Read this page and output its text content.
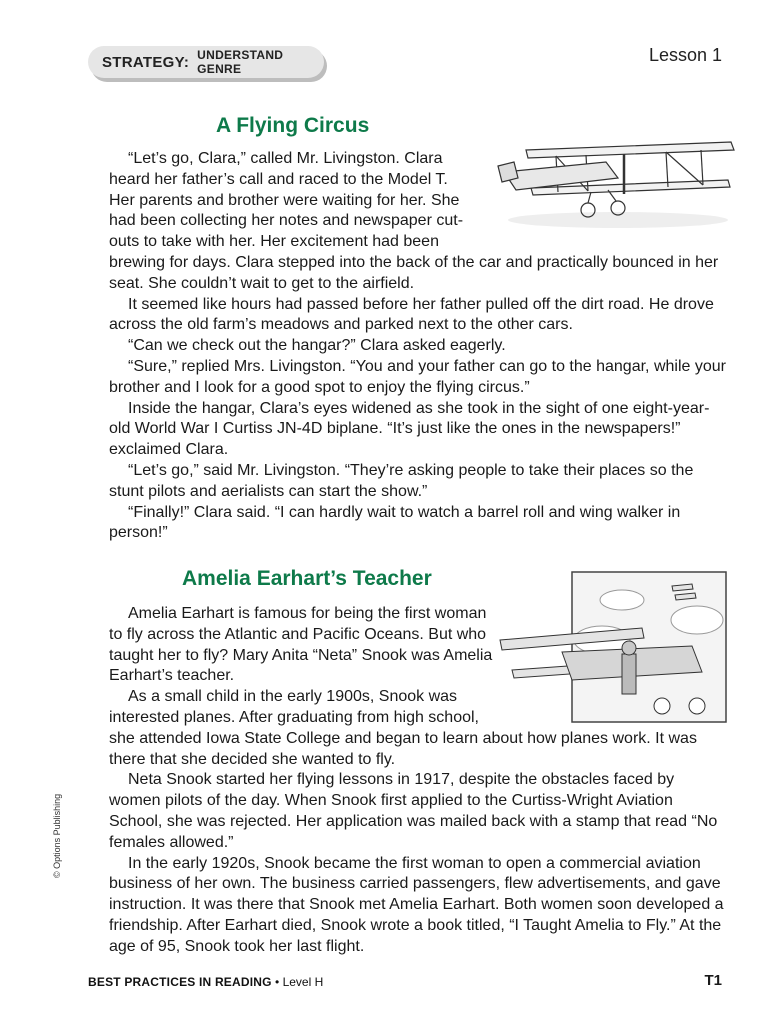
STRATEGY: UNDERSTAND GENRE
Lesson 1
A Flying Circus

“Let’s go, Clara,” called Mr. Livingston. Clara heard her father’s call and raced to the Model T. Her parents and brother were waiting for her. She had been collecting her notes and newspaper cut-outs to take with her. Her excitement had been brewing for days. Clara stepped into the back of the car and practically bounced in her seat. She couldn’t wait to get to the airfield.

It seemed like hours had passed before her father pulled off the dirt road. He drove across the old farm’s meadows and parked next to the other cars.

“Can we check out the hangar?” Clara asked eagerly.

“Sure,” replied Mrs. Livingston. “You and your father can go to the hangar, while your brother and I look for a good spot to enjoy the flying circus.”

Inside the hangar, Clara’s eyes widened as she took in the sight of one eight-year-old World War I Curtiss JN-4D biplane. “It’s just like the ones in the newspapers!” exclaimed Clara.

“Let’s go,” said Mr. Livingston. “They’re asking people to take their places so the stunt pilots and aerialists can start the show.”

“Finally!” Clara said. “I can hardly wait to watch a barrel roll and wing walker in person!”

Amelia Earhart’s Teacher

Amelia Earhart is famous for being the first woman to fly across the Atlantic and Pacific Oceans. But who taught her to fly? Mary Anita “Neta” Snook was Amelia Earhart’s teacher.

As a small child in the early 1900s, Snook was interested planes. After graduating from high school, she attended Iowa State College and began to learn about how planes work. It was there that she decided she wanted to fly.

Neta Snook started her flying lessons in 1917, despite the obstacles faced by women pilots of the day. When Snook first applied to the Curtiss-Wright Aviation School, she was rejected. Her application was mailed back with a stamp that read “No females allowed.”

In the early 1920s, Snook became the first woman to open a commercial aviation business of her own. The business carried passengers, flew advertisements, and gave instruction. It was there that Snook met Amelia Earhart. Both women soon developed a friendship. After Earhart died, Snook wrote a book titled, “I Taught Amelia to Fly.” At the age of 95, Snook took her last flight.

© Options Publishing
BEST PRACTICES IN READING • Level H	T1
